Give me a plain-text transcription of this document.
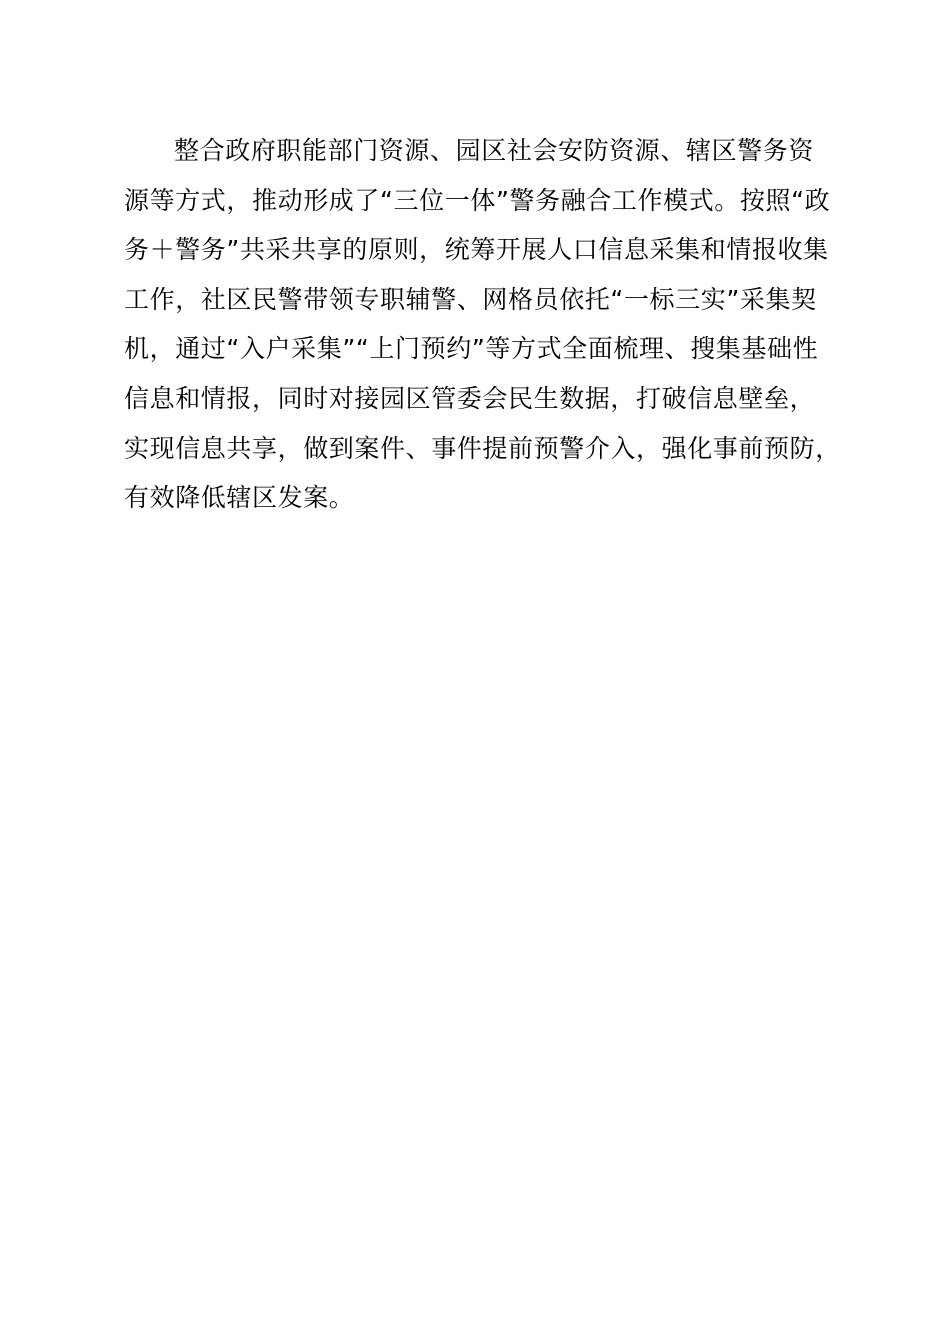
整合政府职能部门资源、园区社会安防资源、辖区警务资
源等方式，推动形成了“三位一体”警务融合工作模式。按照“政
务＋警务”共采共享的原则，统筹开展人口信息采集和情报收集
工作，社区民警带领专职辅警、网格员依托“一标三实”采集契
机，通过“入户采集”“上门预约”等方式全面梳理、搜集基础性
信息和情报，同时对接园区管委会民生数据，打破信息壁垒，
实现信息共享，做到案件、事件提前预警介入，强化事前预防，
有效降低辖区发案。
